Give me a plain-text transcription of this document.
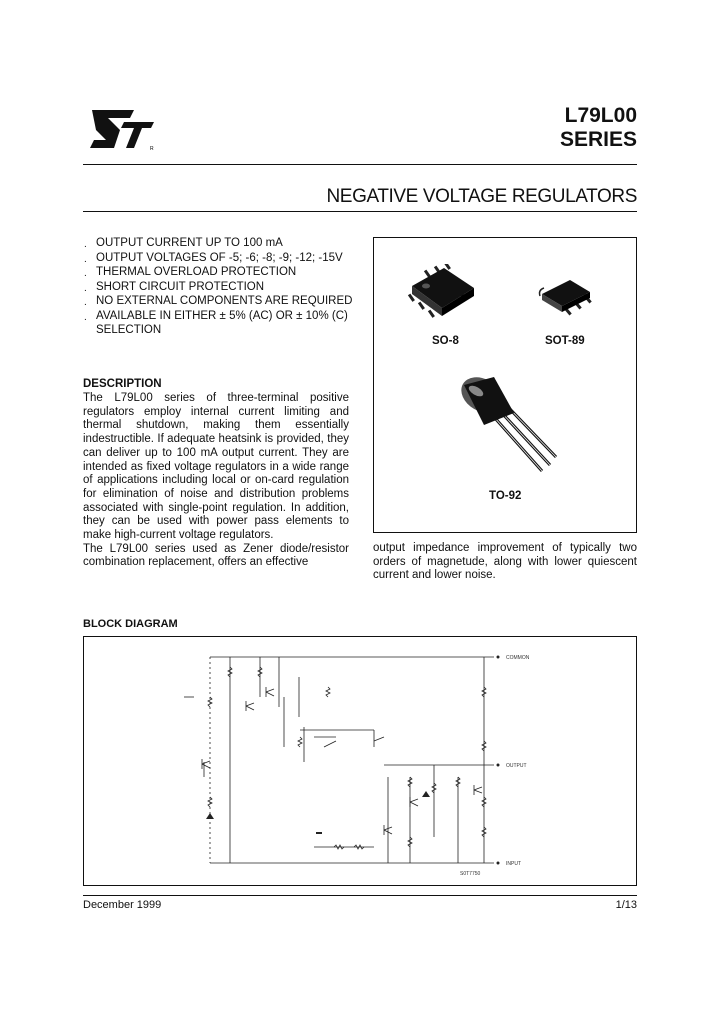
R
L79L00
SERIES
NEGATIVE VOLTAGE REGULATORS
. OUTPUT CURRENT UP TO 100 mA
. OUTPUT VOLTAGES OF -5; -6; -8; -9; -12; -15V
. THERMAL OVERLOAD PROTECTION
. SHORT CIRCUIT PROTECTION
. NO EXTERNAL COMPONENTS ARE REQUIRED
. AVAILABLE IN EITHER ± 5% (AC) OR ± 10% (C) SELECTION
DESCRIPTION

The L79L00 series of three-terminal positive regulators employ internal current limiting and thermal shutdown, making them essentially indestructible. If adequate heatsink is provided, they can deliver up to 100 mA output current. They are intended as fixed voltage regulators in a wide range of applications including local or on-card regulation for elimination of noise and distribution problems associated with single-point regulation. In addition, they can be used with power pass elements to make high-current voltage regulators.

The L79L00 series used as Zener diode/resistor combination replacement, offers an effective

output impedance improvement of typically two orders of magnetude, along with lower quiescent current and lower noise.
SO-8	SOT-89
TO-92
BLOCK DIAGRAM
COMMON
OUTPUT
INPUT
S0T7750
December 1999	1/13
